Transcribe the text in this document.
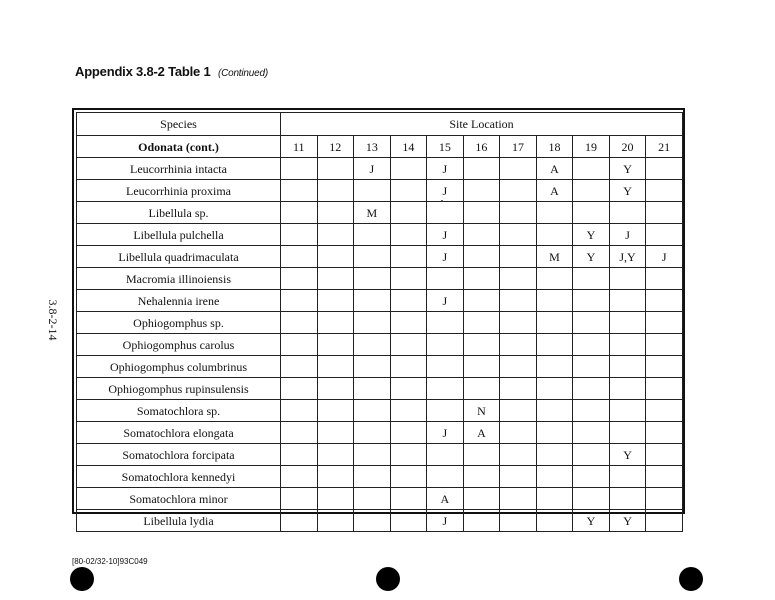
Appendix 3.8-2 Table 1 (Continued)
Species	Site Location										
Odonata (cont.)	11	12	13	14	15	16	17	18	19	20	21
Leucorrhinia intacta			J		J			A		Y	
Leucorrhinia proxima					J			A		Y	
Libellula sp.			M								
Libellula pulchella					J				Y	J	
Libellula quadrimaculata					J			M	Y	J,Y	J
Macromia illinoiensis											
Nehalennia irene					J						
Ophiogomphus sp.											
Ophiogomphus carolus											
Ophiogomphus columbrinus											
Ophiogomphus rupinsulensis											
Somatochlora sp.						N					
Somatochlora elongata					J	A					
Somatochlora forcipata										Y	
Somatochlora kennedyi											
Somatochlora minor					A						
Libellula lydia					J				Y	Y	
3.8-2-14
[80-02/32-10]93C049
